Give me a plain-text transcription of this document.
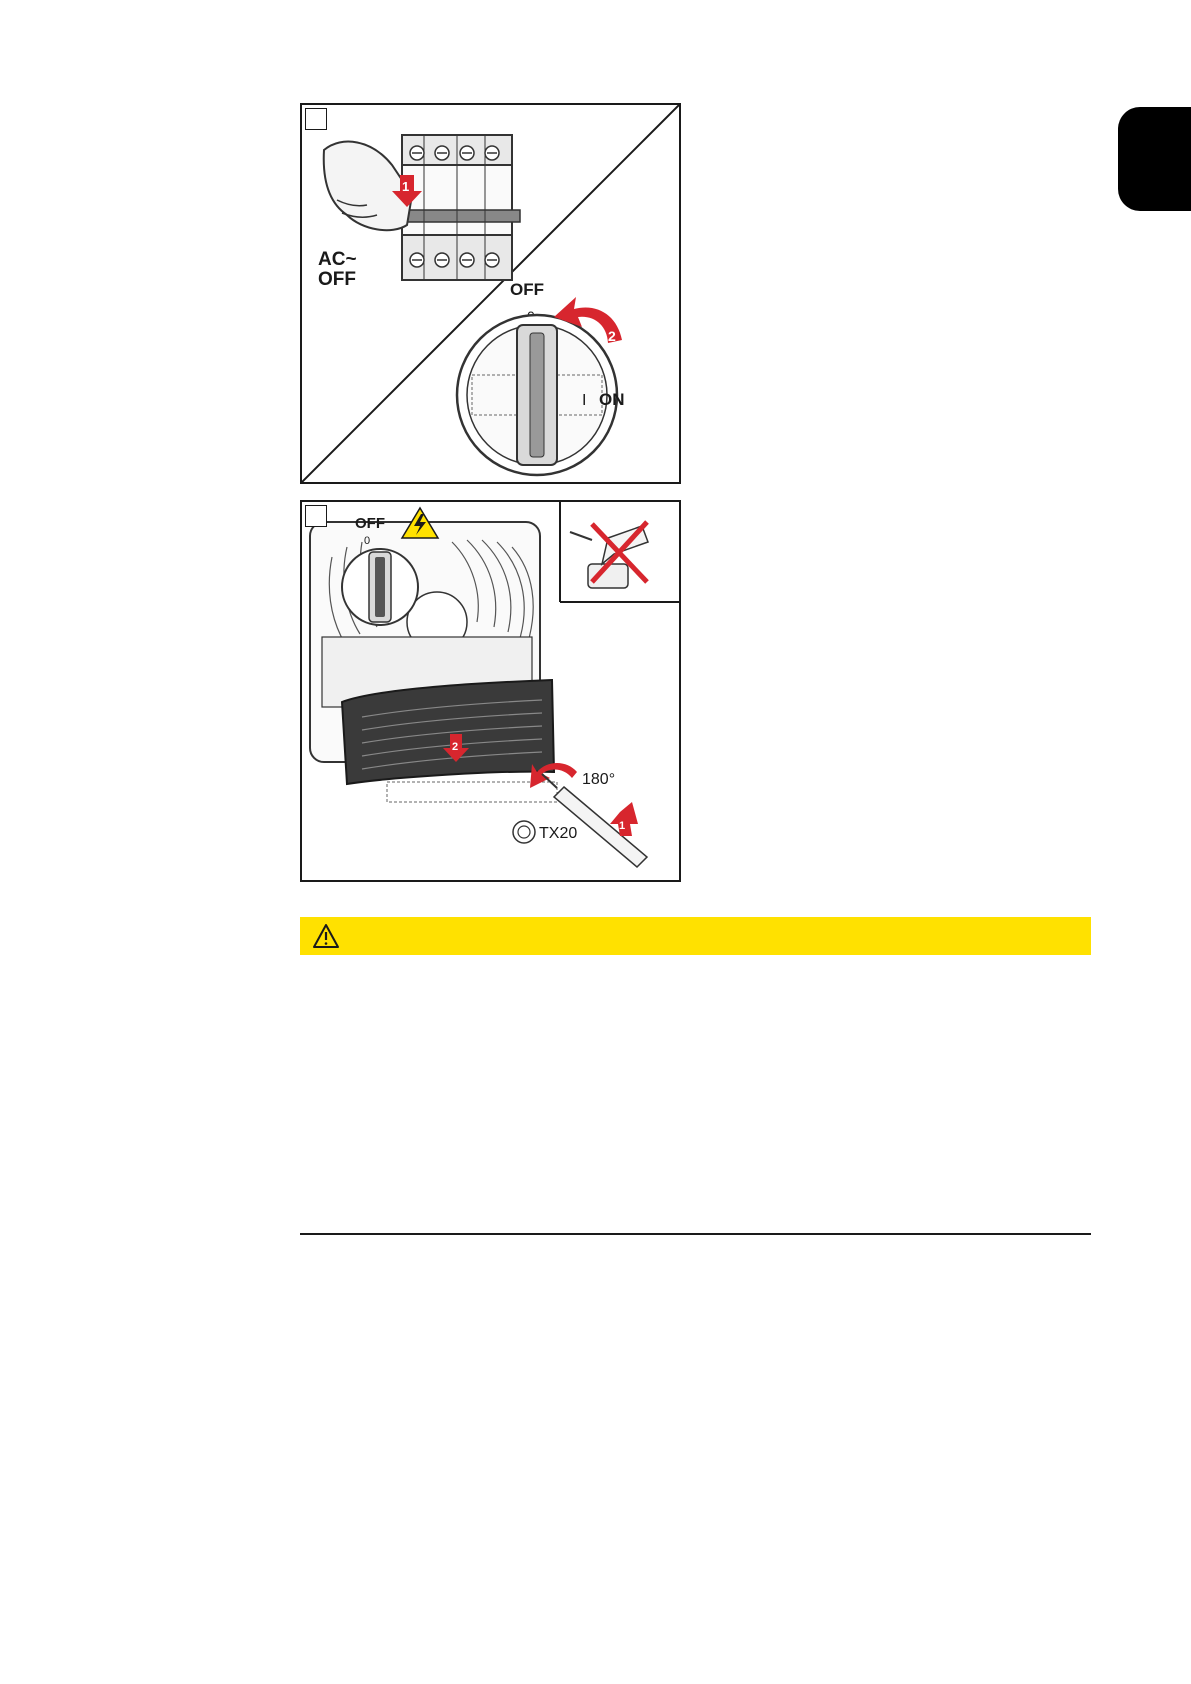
1
AC~
OFF	OFF
I ON
2
OFF
0
2
180°
1
TX20
